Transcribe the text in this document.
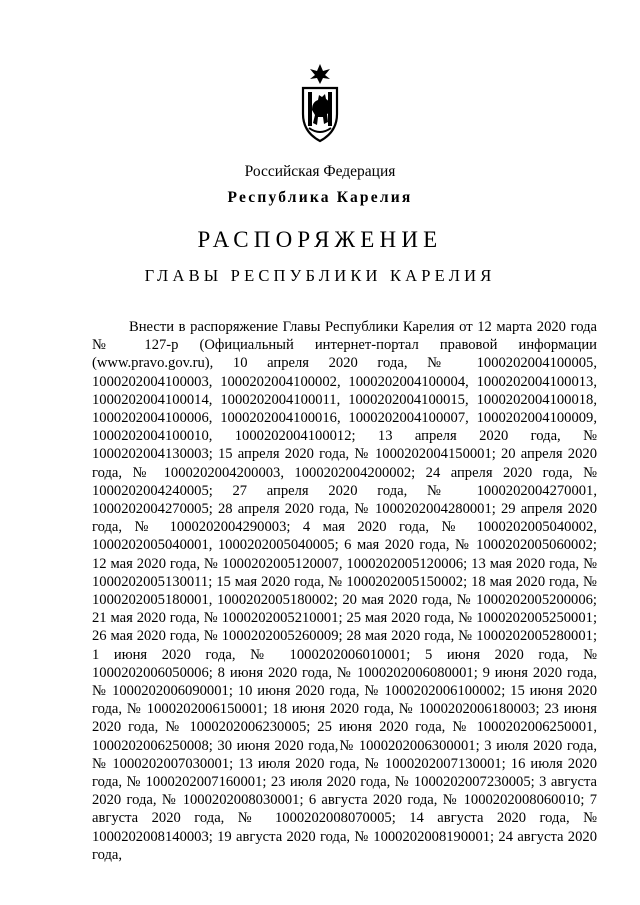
Российская Федерация
Республика Карелия
РАСПОРЯЖЕНИЕ
ГЛАВЫ РЕСПУБЛИКИ КАРЕЛИЯ

Внести в распоряжение Главы Республики Карелия от 12 марта 2020 года № 127-р (Официальный интернет-портал правовой информации (www.pravo.gov.ru), 10 апреля 2020 года, № 1000202004100005, 1000202004100003, 1000202004100002, 1000202004100004, 1000202004100013, 1000202004100014, 1000202004100011, 1000202004100015, 1000202004100018, 1000202004100006, 1000202004100016, 1000202004100007, 1000202004100009, 1000202004100010, 1000202004100012; 13 апреля 2020 года, № 1000202004130003; 15 апреля 2020 года, № 1000202004150001; 20 апреля 2020 года, № 1000202004200003, 1000202004200002; 24 апреля 2020 года, № 1000202004240005; 27 апреля 2020 года, № 1000202004270001, 1000202004270005; 28 апреля 2020 года, № 1000202004280001; 29 апреля 2020 года, № 1000202004290003; 4 мая 2020 года, № 1000202005040002, 1000202005040001, 1000202005040005; 6 мая 2020 года, № 1000202005060002; 12 мая 2020 года, № 1000202005120007, 1000202005120006; 13 мая 2020 года, № 1000202005130011; 15 мая 2020 года, № 1000202005150002; 18 мая 2020 года, № 1000202005180001, 1000202005180002; 20 мая 2020 года, № 1000202005200006; 21 мая 2020 года, № 1000202005210001; 25 мая 2020 года, № 1000202005250001; 26 мая 2020 года, № 1000202005260009; 28 мая 2020 года, № 1000202005280001; 1 июня 2020 года, № 1000202006010001; 5 июня 2020 года, № 1000202006050006; 8 июня 2020 года, № 1000202006080001; 9 июня 2020 года, № 1000202006090001; 10 июня 2020 года, № 1000202006100002; 15 июня 2020 года, № 1000202006150001; 18 июня 2020 года, № 1000202006180003; 23 июня 2020 года, № 1000202006230005; 25 июня 2020 года, № 1000202006250001, 1000202006250008; 30 июня 2020 года,№ 1000202006300001; 3 июля 2020 года, № 1000202007030001; 13 июля 2020 года, № 1000202007130001; 16 июля 2020 года, № 1000202007160001; 23 июля 2020 года, № 1000202007230005; 3 августа 2020 года, № 1000202008030001; 6 августа 2020 года, № 1000202008060010; 7 августа 2020 года, № 1000202008070005; 14 августа 2020 года, № 1000202008140003; 19 августа 2020 года, № 1000202008190001; 24 августа 2020 года,
